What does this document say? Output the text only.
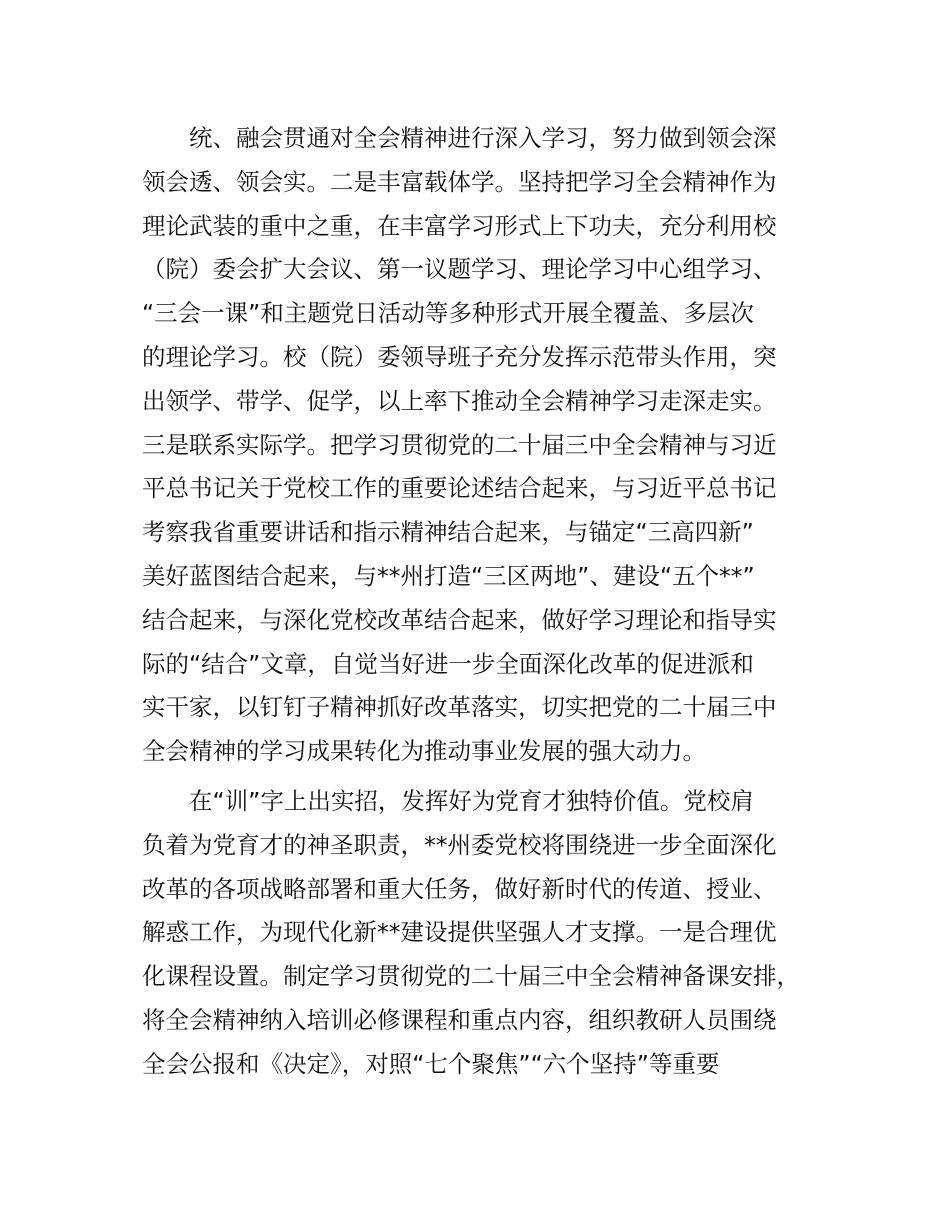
统、融会贯通对全会精神进行深入学习，努力做到领会深
领会透、领会实。二是丰富载体学。坚持把学习全会精神作为
理论武装的重中之重，在丰富学习形式上下功夫，充分利用校
（院）委会扩大会议、第一议题学习、理论学习中心组学习、
“三会一课”和主题党日活动等多种形式开展全覆盖、多层次
的理论学习。校（院）委领导班子充分发挥示范带头作用，突
出领学、带学、促学，以上率下推动全会精神学习走深走实。
三是联系实际学。把学习贯彻党的二十届三中全会精神与习近
平总书记关于党校工作的重要论述结合起来，与习近平总书记
考察我省重要讲话和指示精神结合起来，与锚定“三高四新”
美好蓝图结合起来，与**州打造“三区两地”、建设“五个**”
结合起来，与深化党校改革结合起来，做好学习理论和指导实
际的“结合”文章，自觉当好进一步全面深化改革的促进派和
实干家，以钉钉子精神抓好改革落实，切实把党的二十届三中
全会精神的学习成果转化为推动事业发展的强大动力。
在“训”字上出实招，发挥好为党育才独特价值。党校肩
负着为党育才的神圣职责，**州委党校将围绕进一步全面深化
改革的各项战略部署和重大任务，做好新时代的传道、授业、
解惑工作，为现代化新**建设提供坚强人才支撑。一是合理优
化课程设置。制定学习贯彻党的二十届三中全会精神备课安排，
将全会精神纳入培训必修课程和重点内容，组织教研人员围绕
全会公报和《决定》，对照“七个聚焦”“六个坚持”等重要
